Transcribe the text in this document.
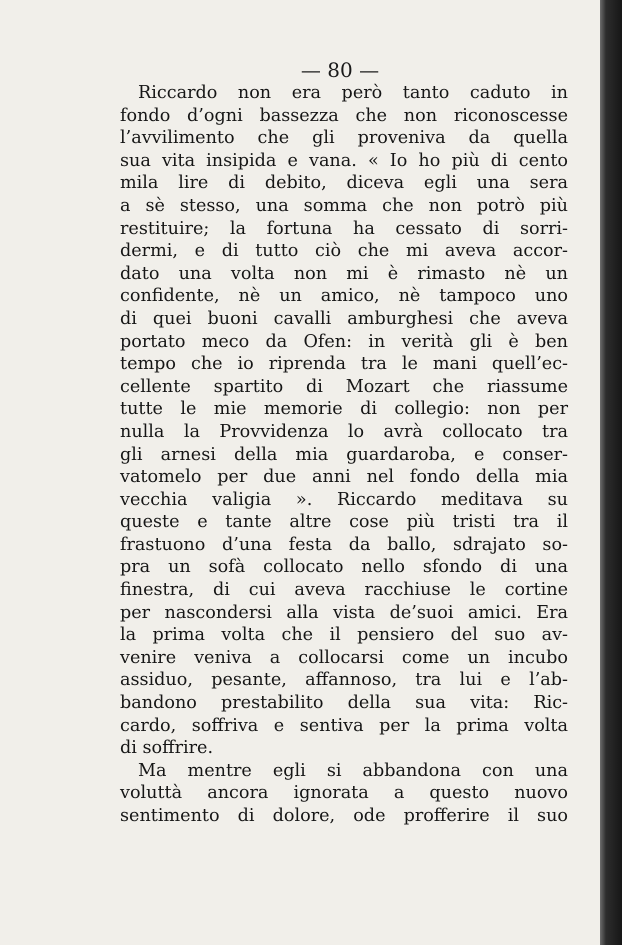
— 80 —
Riccardo non era però tanto caduto in
fondo d’ogni bassezza che non riconoscesse
l’avvilimento che gli proveniva da quella
sua vita insipida e vana. « Io ho più di cento
mila lire di debito, diceva egli una sera
a sè stesso, una somma che non potrò più
restituire; la fortuna ha cessato di sorri-
dermi, e di tutto ciò che mi aveva accor-
dato una volta non mi è rimasto nè un
confidente, nè un amico, nè tampoco uno
di quei buoni cavalli amburghesi che aveva
portato meco da Ofen: in verità gli è ben
tempo che io riprenda tra le mani quell’ec-
cellente spartito di Mozart che riassume
tutte le mie memorie di collegio: non per
nulla la Provvidenza lo avrà collocato tra
gli arnesi della mia guardaroba, e conser-
vatomelo per due anni nel fondo della mia
vecchia valigia ». Riccardo meditava su
queste e tante altre cose più tristi tra il
frastuono d’una festa da ballo, sdrajato so-
pra un sofà collocato nello sfondo di una
finestra, di cui aveva racchiuse le cortine
per nascondersi alla vista de’suoi amici. Era
la prima volta che il pensiero del suo av-
venire veniva a collocarsi come un incubo
assiduo, pesante, affannoso, tra lui e l’ab-
bandono prestabilito della sua vita: Ric-
cardo, soffriva e sentiva per la prima volta
di soffrire.
Ma mentre egli si abbandona con una
voluttà ancora ignorata a questo nuovo
sentimento di dolore, ode profferire il suo
